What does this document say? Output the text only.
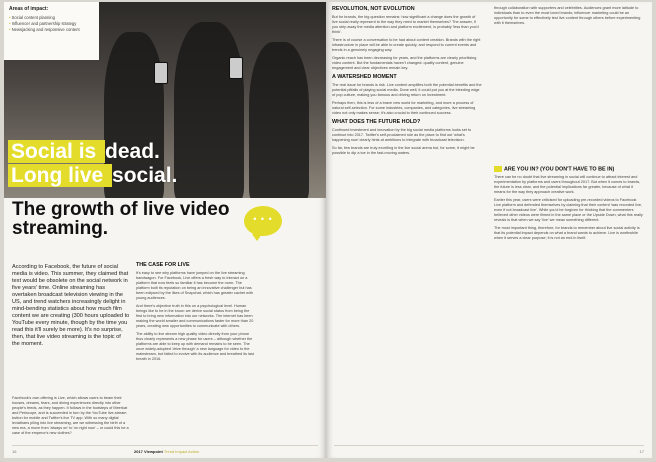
Areas of impact:
• Social content planning
• Influencer and partnership strategy
• Newsjacking and responsive content
Social is dead.
Long live social.
The growth of live video streaming.	• • •

According to Facebook, the future of social media is video. This summer, they claimed that text would be obsolete on the social network in five years' time. Online streaming has overtaken broadcast television viewing in the US, and trend watchers increasingly delight in mind-bending statistics about how much film content we are creating (300 hours uploaded to YouTube every minute, though by the time you read this it'll surely be more). It's no surprise, then, that live video streaming is the topic of the moment.

Facebook's own offering is Live, which allows users to beam their houses, dreams, fears, and dining experiences directly into other people's feeds, as they happen. It follows in the footsteps of Meerkat and Periscope, and is succeeded in turn by the YouTube live-stream button for mobile and Twitter's live TV app. With so many digital leviathans piling into live streaming, are we witnessing the birth of a new era, a move from 'always on' to 'on right now' – or could this be a case of the emperor's new clothes?

THE CASE FOR LIVE

It's easy to see why platforms have jumped on the live streaming bandwagon. For Facebook, Live offers a fresh way to interact on a platform that now feels so familiar it has become the norm. The platform built its reputation on being an innovative challenger but has been eclipsed by the likes of Snapchat, which has greater cachet with young audiences.

And there's objective truth in this on a psychological level. Human beings like to be in the know: we derive social status from being the first to bring new information into our networks. The internet has been making the world smaller and communications faster for more than 20 years, creating new opportunities to communicate with others.

The ability to live stream high quality video directly from your phone thus clearly represents a new phase for users – although whether the platforms are able to keep up with demand remains to be seen. The once widely-adopted 'drive through' a new language for video to the mainstream, but failed to evolve with its audience and breathed its last breath in 2016.

16	2017 Viewpoint Trend Impact Action
REVOLUTION, NOT EVOLUTION

But for brands, the big question remains: how significant a change does the growth of live social really represent to the way they need to market themselves? The answer, if you strip away the media attention and platform excitement, is probably 'less than you'd think'.

There is of course a conversation to be had about content creation. Brands with the right infrastructure in place will be able to create quickly, and respond to current events and trends in a genuinely engaging way.

Organic reach has been decreasing for years, and the platforms are clearly prioritising video content. But the fundamentals haven't changed: quality content, genuine engagement and clear objectives remain key.

A WATERSHED MOMENT

The real issue for brands is risk. Live content amplifies both the potential benefits and the potential pitfalls of playing social media. Done well, it could put you at the bleeding edge of pop culture, making you famous and driving return on investment.

Perhaps then, this is less of a brave new world for marketing, and more a process of natural self-selection. For some industries, companies, and categories, live streaming video not only makes sense; it's also crucial to their continued success.

WHAT DOES THE FUTURE HOLD?

Continued investment and innovation by the big social media platforms looks set to continue into 2017. Twitter's self-proclaimed role as the place to find out 'what's happening now' clearly hints at ambitions to integrate with broadcast television.

So far, few brands are truly excelling in the live social arena but, for some, it might be possible to dip a toe in the fast-moving waters.

through collaboration with supporters and celebrities. Audiences grant more latitude to individuals than to even the most loved brands; influencer marketing could be an opportunity for some to effectively test live content through others before experimenting with it themselves.

ARE YOU IN? (YOU DON'T HAVE TO BE IN)

There can be no doubt that live streaming in social will continue to attract interest and experimentation by platforms and users throughout 2017. But when it comes to brands, the future is less clear, and the potential implications far greater, because of what it means for the way they approach creative work.

Earlier this year, users were criticised for uploading pre-recorded videos to Facebook Live platform and defended themselves by claiming that their content 'was recorded live, even if not broadcast live'. While you'd be forgiven for thinking that the commenters believed other videos were filmed in the same place or the Upside Down, what this really reveals is that when we say 'live' we mean something different.

The most important thing, therefore, for brands to remember about live social activity is that its potential impact depends on what a brand wants to achieve. Live is worthwhile when it serves a clear purpose; it is not an end in itself.

17
